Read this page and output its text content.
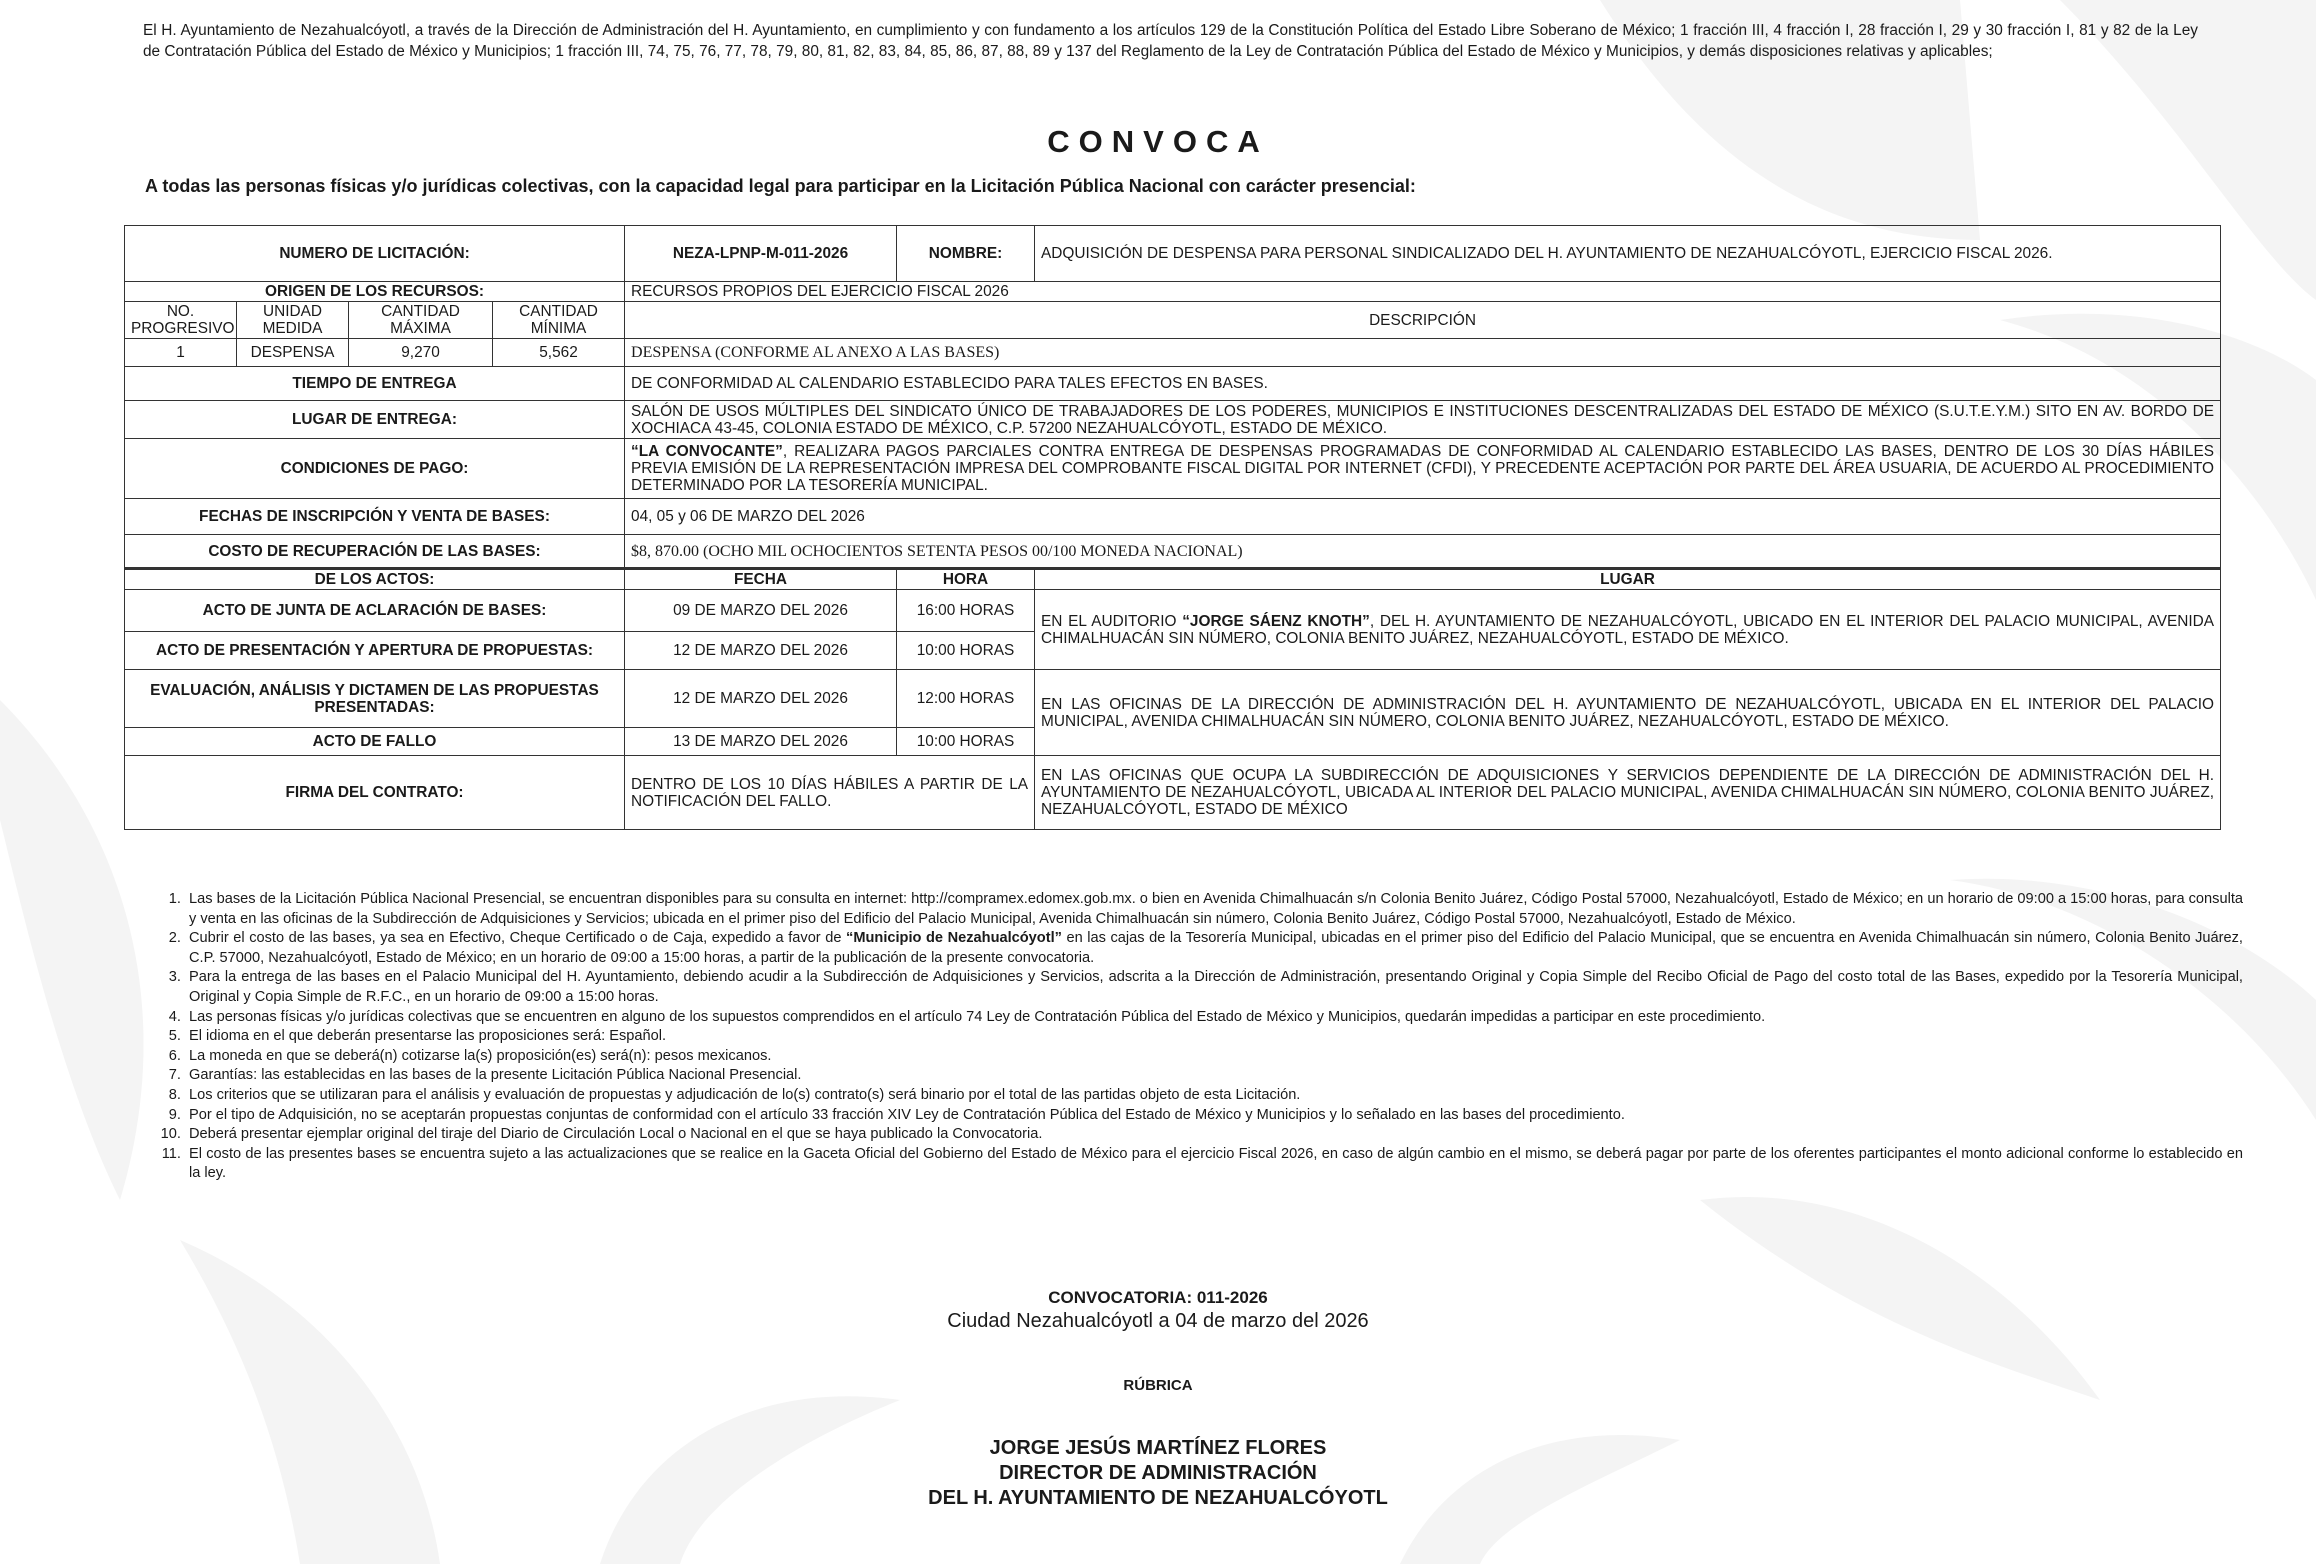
El H. Ayuntamiento de Nezahualcóyotl, a través de la Dirección de Administración del H. Ayuntamiento, en cumplimiento y con fundamento a los artículos 129 de la Constitución Política del Estado Libre Soberano de México; 1 fracción III, 4 fracción I, 28 fracción I, 29 y 30 fracción I, 81 y 82 de la Ley de Contratación Pública del Estado de México y Municipios; 1 fracción III, 74, 75, 76, 77, 78, 79, 80, 81, 82, 83, 84, 85, 86, 87, 88, 89 y 137 del Reglamento de la Ley de Contratación Pública del Estado de México y Municipios, y demás disposiciones relativas y aplicables;

CONVOCA

A todas las personas físicas y/o jurídicas colectivas, con la capacidad legal para participar en la Licitación Pública Nacional con carácter presencial:

NUMERO DE LICITACIÓN:				NEZA-LPNP-M-011-2026	NOMBRE:	ADQUISICIÓN DE DESPENSA PARA PERSONAL SINDICALIZADO DEL H. AYUNTAMIENTO DE NEZAHUALCÓYOTL, EJERCICIO FISCAL 2026.
ORIGEN DE LOS RECURSOS:				RECURSOS PROPIOS DEL EJERCICIO FISCAL 2026		
NO. PROGRESIVO	UNIDAD MEDIDA	CANTIDAD MÁXIMA	CANTIDAD MÍNIMA	DESCRIPCIÓN		
1	DESPENSA	9,270	5,562	DESPENSA (CONFORME AL ANEXO A LAS BASES)		
TIEMPO DE ENTREGA				DE CONFORMIDAD AL CALENDARIO ESTABLECIDO PARA TALES EFECTOS EN BASES.		
LUGAR DE ENTREGA:				SALÓN DE USOS MÚLTIPLES DEL SINDICATO ÚNICO DE TRABAJADORES DE LOS PODERES, MUNICIPIOS E INSTITUCIONES DESCENTRALIZADAS DEL ESTADO DE MÉXICO (S.U.T.E.Y.M.) SITO EN AV. BORDO DE XOCHIACA 43-45, COLONIA ESTADO DE MÉXICO, C.P. 57200 NEZAHUALCÓYOTL, ESTADO DE MÉXICO.		
CONDICIONES DE PAGO:				“LA CONVOCANTE”, REALIZARA PAGOS PARCIALES CONTRA ENTREGA DE DESPENSAS PROGRAMADAS DE CONFORMIDAD AL CALENDARIO ESTABLECIDO LAS BASES, DENTRO DE LOS 30 DÍAS HÁBILES PREVIA EMISIÓN DE LA REPRESENTACIÓN IMPRESA DEL COMPROBANTE FISCAL DIGITAL POR INTERNET (CFDI), Y PRECEDENTE ACEPTACIÓN POR PARTE DEL ÁREA USUARIA, DE ACUERDO AL PROCEDIMIENTO DETERMINADO POR LA TESORERÍA MUNICIPAL.		
FECHAS DE INSCRIPCIÓN Y VENTA DE BASES:				04, 05 y 06 DE MARZO DEL 2026		
COSTO DE RECUPERACIÓN DE LAS BASES:				$8, 870.00 (OCHO MIL OCHOCIENTOS SETENTA PESOS 00/100 MONEDA NACIONAL)		
DE LOS ACTOS:				FECHA	HORA	LUGAR
ACTO DE JUNTA DE ACLARACIÓN DE BASES:				09 DE MARZO DEL 2026	16:00 HORAS	EN EL AUDITORIO “JORGE SÁENZ KNOTH”, DEL H. AYUNTAMIENTO DE NEZAHUALCÓYOTL, UBICADO EN EL INTERIOR DEL PALACIO MUNICIPAL, AVENIDA CHIMALHUACÁN SIN NÚMERO, COLONIA BENITO JUÁREZ, NEZAHUALCÓYOTL, ESTADO DE MÉXICO.
ACTO DE PRESENTACIÓN Y APERTURA DE PROPUESTAS:				12 DE MARZO DEL 2026	10:00 HORAS	
EVALUACIÓN, ANÁLISIS Y DICTAMEN DE LAS PROPUESTAS PRESENTADAS:				12 DE MARZO DEL 2026	12:00 HORAS	EN LAS OFICINAS DE LA DIRECCIÓN DE ADMINISTRACIÓN DEL H. AYUNTAMIENTO DE NEZAHUALCÓYOTL, UBICADA EN EL INTERIOR DEL PALACIO MUNICIPAL, AVENIDA CHIMALHUACÁN SIN NÚMERO, COLONIA BENITO JUÁREZ, NEZAHUALCÓYOTL, ESTADO DE MÉXICO.
ACTO DE FALLO				13 DE MARZO DEL 2026	10:00 HORAS	
FIRMA DEL CONTRATO:				DENTRO DE LOS 10 DÍAS HÁBILES A PARTIR DE LA NOTIFICACIÓN DEL FALLO.		EN LAS OFICINAS QUE OCUPA LA SUBDIRECCIÓN DE ADQUISICIONES Y SERVICIOS DEPENDIENTE DE LA DIRECCIÓN DE ADMINISTRACIÓN DEL H. AYUNTAMIENTO DE NEZAHUALCÓYOTL, UBICADA AL INTERIOR DEL PALACIO MUNICIPAL, AVENIDA CHIMALHUACÁN SIN NÚMERO, COLONIA BENITO JUÁREZ, NEZAHUALCÓYOTL, ESTADO DE MÉXICO
1. Las bases de la Licitación Pública Nacional Presencial, se encuentran disponibles para su consulta en internet: http://compramex.edomex.gob.mx. o bien en Avenida Chimalhuacán s/n Colonia Benito Juárez, Código Postal 57000, Nezahualcóyotl, Estado de México; en un horario de 09:00 a 15:00 horas, para consulta y venta en las oficinas de la Subdirección de Adquisiciones y Servicios; ubicada en el primer piso del Edificio del Palacio Municipal, Avenida Chimalhuacán sin número, Colonia Benito Juárez, Código Postal 57000, Nezahualcóyotl, Estado de México.
2. Cubrir el costo de las bases, ya sea en Efectivo, Cheque Certificado o de Caja, expedido a favor de “Municipio de Nezahualcóyotl” en las cajas de la Tesorería Municipal, ubicadas en el primer piso del Edificio del Palacio Municipal, que se encuentra en Avenida Chimalhuacán sin número, Colonia Benito Juárez, C.P. 57000, Nezahualcóyotl, Estado de México; en un horario de 09:00 a 15:00 horas, a partir de la publicación de la presente convocatoria.
3. Para la entrega de las bases en el Palacio Municipal del H. Ayuntamiento, debiendo acudir a la Subdirección de Adquisiciones y Servicios, adscrita a la Dirección de Administración, presentando Original y Copia Simple del Recibo Oficial de Pago del costo total de las Bases, expedido por la Tesorería Municipal, Original y Copia Simple de R.F.C., en un horario de 09:00 a 15:00 horas.
4. Las personas físicas y/o jurídicas colectivas que se encuentren en alguno de los supuestos comprendidos en el artículo 74 Ley de Contratación Pública del Estado de México y Municipios, quedarán impedidas a participar en este procedimiento.
5. El idioma en el que deberán presentarse las proposiciones será: Español.
6. La moneda en que se deberá(n) cotizarse la(s) proposición(es) será(n): pesos mexicanos.
7. Garantías: las establecidas en las bases de la presente Licitación Pública Nacional Presencial.
8. Los criterios que se utilizaran para el análisis y evaluación de propuestas y adjudicación de lo(s) contrato(s) será binario por el total de las partidas objeto de esta Licitación.
9. Por el tipo de Adquisición, no se aceptarán propuestas conjuntas de conformidad con el artículo 33 fracción XIV Ley de Contratación Pública del Estado de México y Municipios y lo señalado en las bases del procedimiento.
10. Deberá presentar ejemplar original del tiraje del Diario de Circulación Local o Nacional en el que se haya publicado la Convocatoria.
11. El costo de las presentes bases se encuentra sujeto a las actualizaciones que se realice en la Gaceta Oficial del Gobierno del Estado de México para el ejercicio Fiscal 2026, en caso de algún cambio en el mismo, se deberá pagar por parte de los oferentes participantes el monto adicional conforme lo establecido en la ley.

CONVOCATORIA: 011-2026

Ciudad Nezahualcóyotl a 04 de marzo del 2026

RÚBRICA

JORGE JESÚS MARTÍNEZ FLORES

DIRECTOR DE ADMINISTRACIÓN

DEL H. AYUNTAMIENTO DE NEZAHUALCÓYOTL
